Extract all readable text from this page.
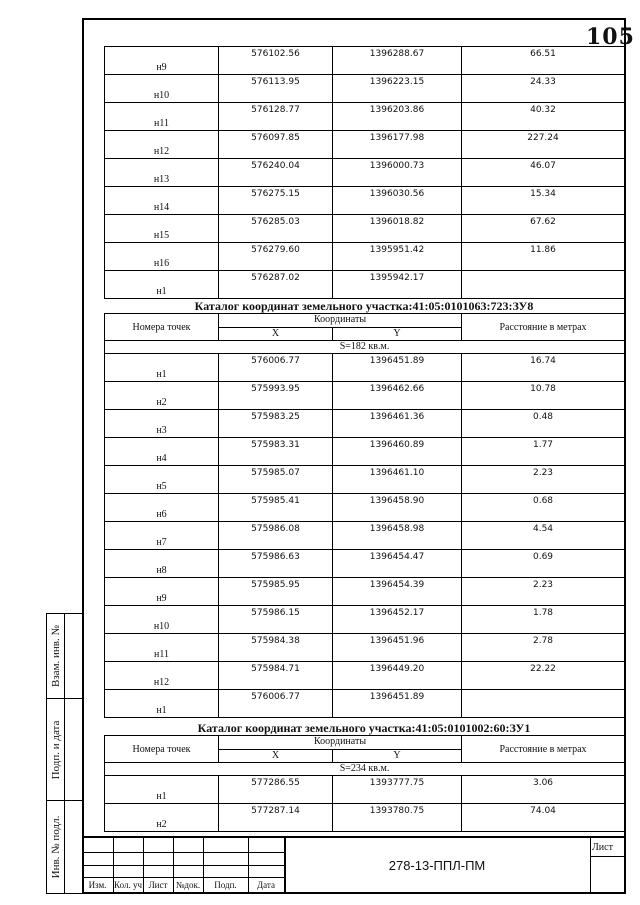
105
Взам. инв. №
Подп. и дата
Инв. № подл.
н9	576102.56	1396288.67	66.51
н10	576113.95	1396223.15	24.33
н11	576128.77	1396203.86	40.32
н12	576097.85	1396177.98	227.24
н13	576240.04	1396000.73	46.07
н14	576275.15	1396030.56	15.34
н15	576285.03	1396018.82	67.62
н16	576279.60	1395951.42	11.86
н1	576287.02	1395942.17	
Каталог координат земельного участка:41:05:0101063:723:ЗУ8
Номера точек	Координаты		Расстояние в метрах
	X	Y	
S=182 кв.м.			
н1	576006.77	1396451.89	16.74
н2	575993.95	1396462.66	10.78
н3	575983.25	1396461.36	0.48
н4	575983.31	1396460.89	1.77
н5	575985.07	1396461.10	2.23
н6	575985.41	1396458.90	0.68
н7	575986.08	1396458.98	4.54
н8	575986.63	1396454.47	0.69
н9	575985.95	1396454.39	2.23
н10	575986.15	1396452.17	1.78
н11	575984.38	1396451.96	2.78
н12	575984.71	1396449.20	22.22
н1	576006.77	1396451.89	
Каталог координат земельного участка:41:05:0101002:60:ЗУ1
Номера точек	Координаты		Расстояние в метрах
	X	Y	
S=234 кв.м.			
н1	577286.55	1393777.75	3.06
н2	577287.14	1393780.75	74.04
Изм. Кол. уч Лист №док.	Подп.	Дата
278-13-ППЛ-ПМ
Лист
